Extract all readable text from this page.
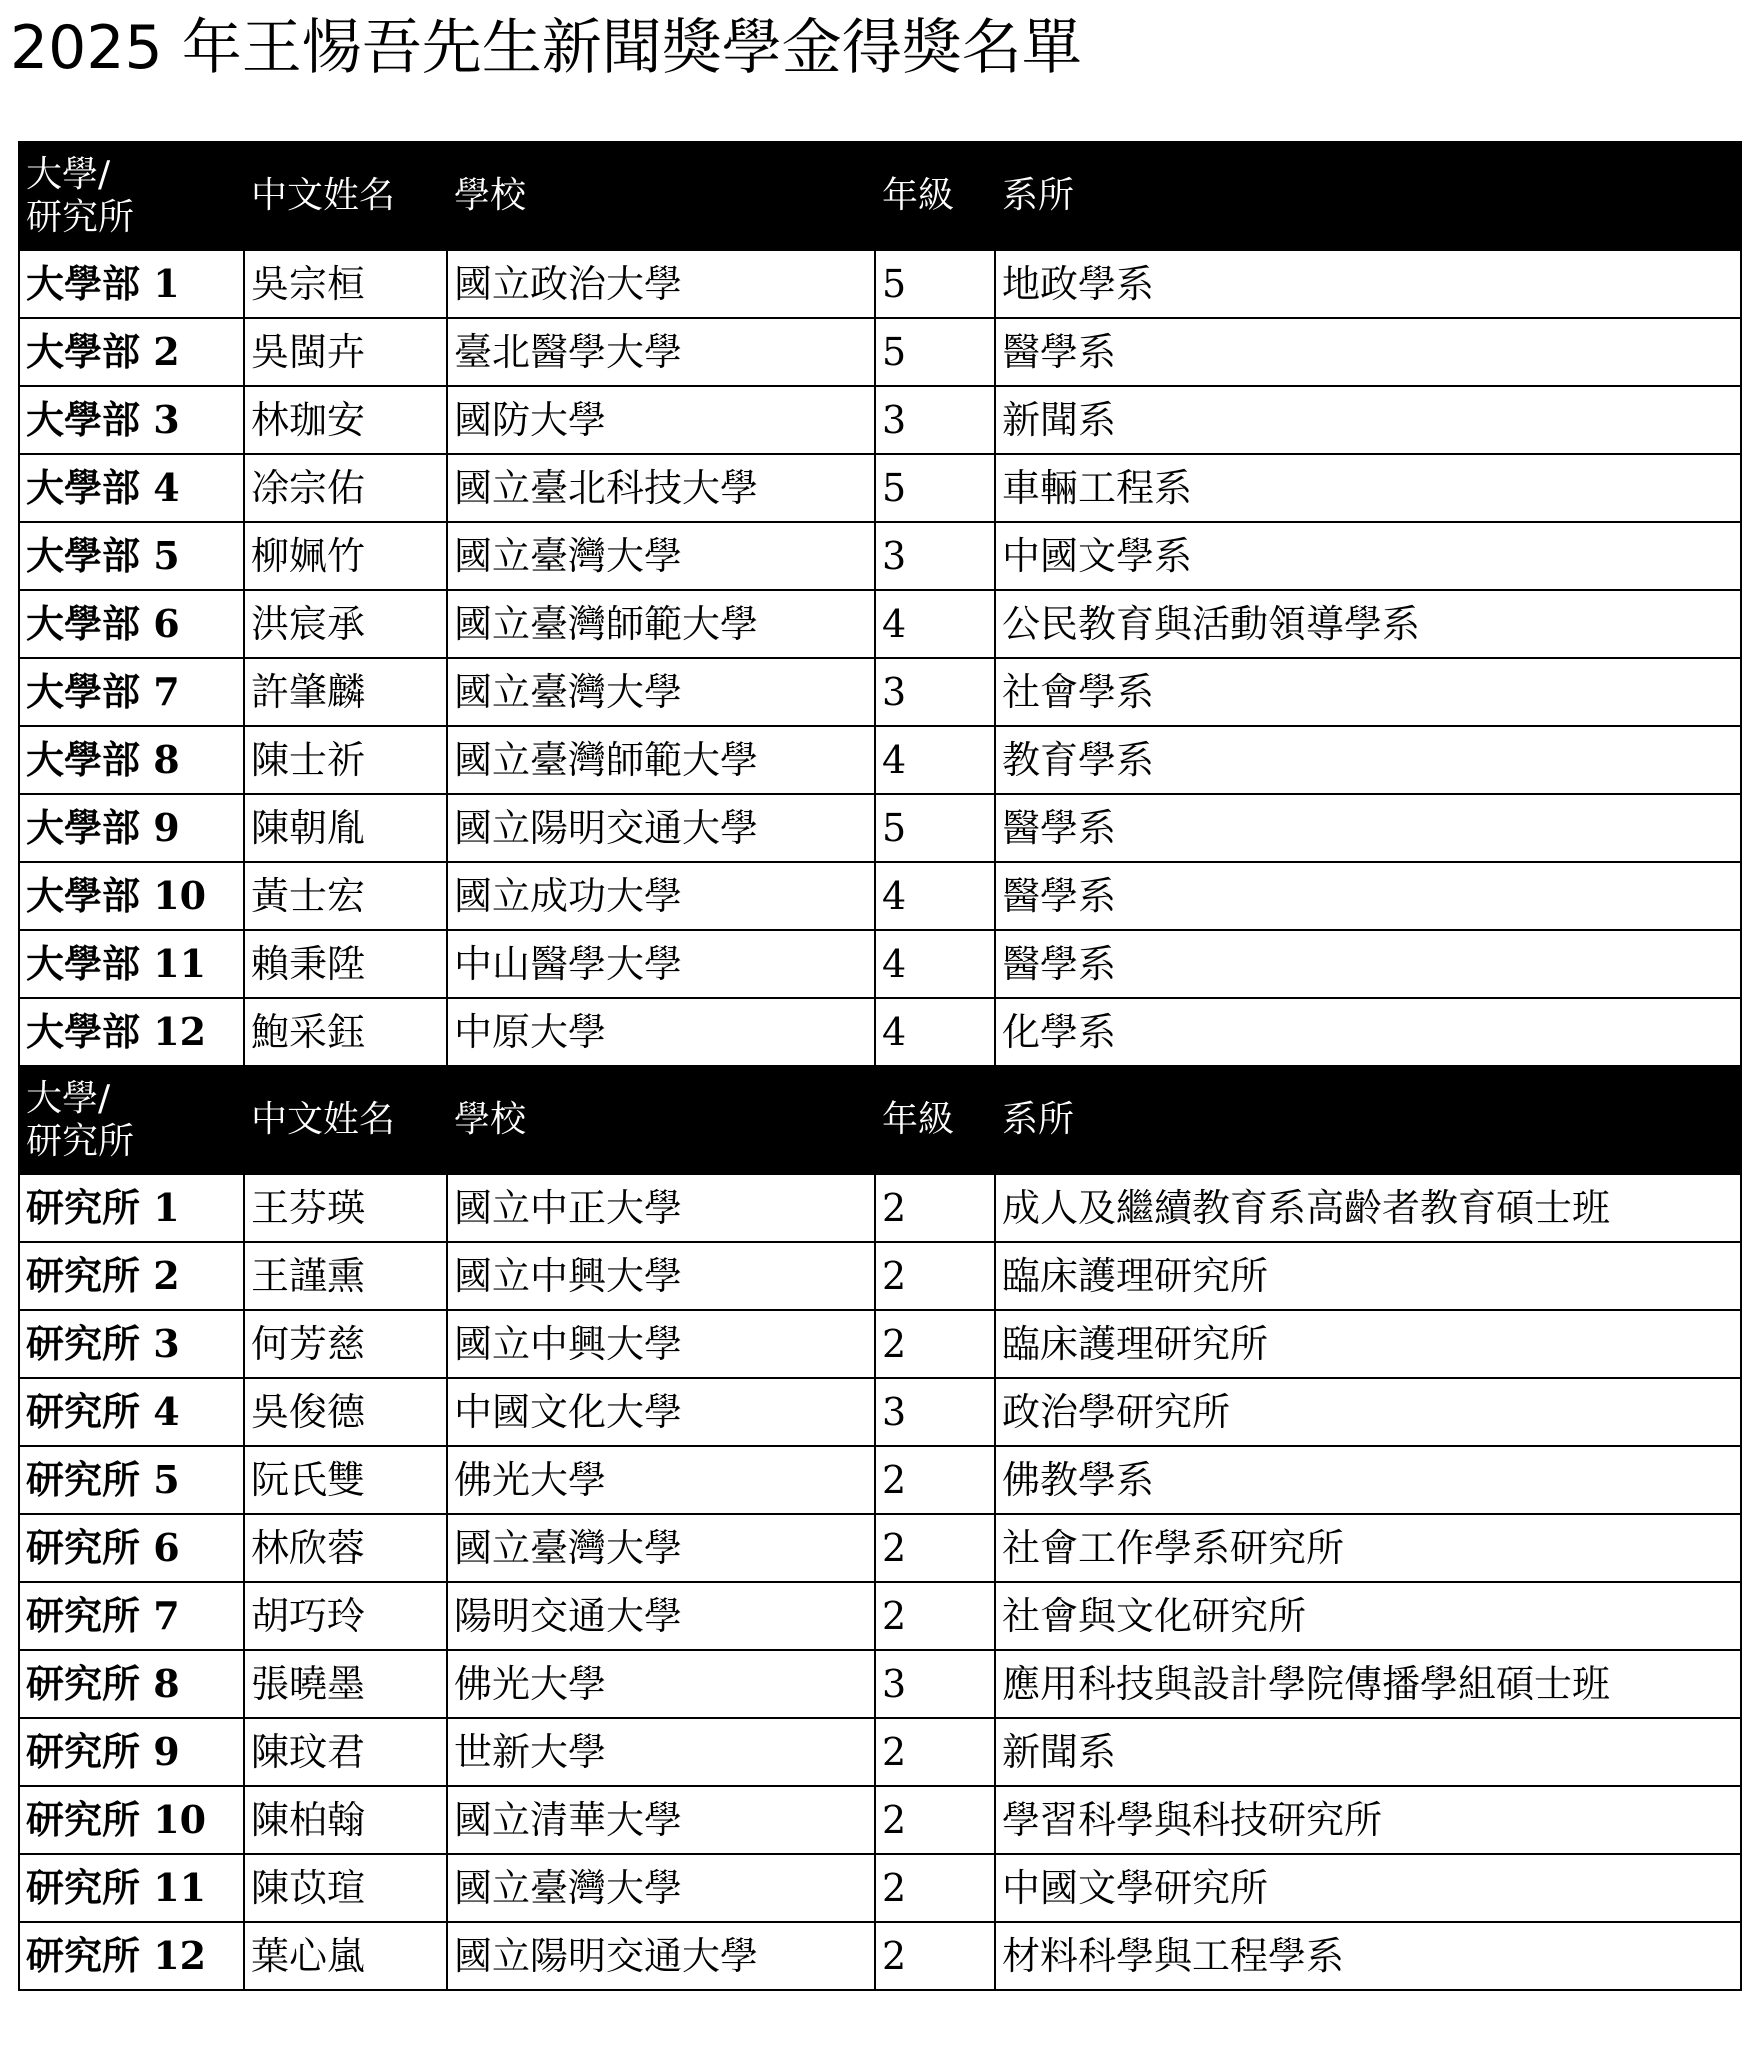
2025 年王惕吾先生新聞獎學金得獎名單
大學/
研究所	中文姓名	學校	年級	系所
大學部 1	吳宗桓	國立政治大學	5	地政學系
大學部 2	吳閩卉	臺北醫學大學	5	醫學系
大學部 3	林珈安	國防大學	3	新聞系
大學部 4	凃宗佑	國立臺北科技大學	5	車輛工程系
大學部 5	柳姵竹	國立臺灣大學	3	中國文學系
大學部 6	洪宸承	國立臺灣師範大學	4	公民教育與活動領導學系
大學部 7	許肇麟	國立臺灣大學	3	社會學系
大學部 8	陳士祈	國立臺灣師範大學	4	教育學系
大學部 9	陳朝胤	國立陽明交通大學	5	醫學系
大學部 10	黃士宏	國立成功大學	4	醫學系
大學部 11	賴秉陞	中山醫學大學	4	醫學系
大學部 12	鮑采鈺	中原大學	4	化學系

大學/
研究所	中文姓名	學校	年級	系所
研究所 1	王芬瑛	國立中正大學	2	成人及繼續教育系高齡者教育碩士班
研究所 2	王謹熏	國立中興大學	2	臨床護理研究所
研究所 3	何芳慈	國立中興大學	2	臨床護理研究所
研究所 4	吳俊德	中國文化大學	3	政治學研究所
研究所 5	阮氏雙	佛光大學	2	佛教學系
研究所 6	林欣蓉	國立臺灣大學	2	社會工作學系研究所
研究所 7	胡巧玲	陽明交通大學	2	社會與文化研究所
研究所 8	張曉墨	佛光大學	3	應用科技與設計學院傳播學組碩士班
研究所 9	陳玟君	世新大學	2	新聞系
研究所 10	陳柏翰	國立清華大學	2	學習科學與科技研究所
研究所 11	陳苡瑄	國立臺灣大學	2	中國文學研究所
研究所 12	葉心嵐	國立陽明交通大學	2	材料科學與工程學系
